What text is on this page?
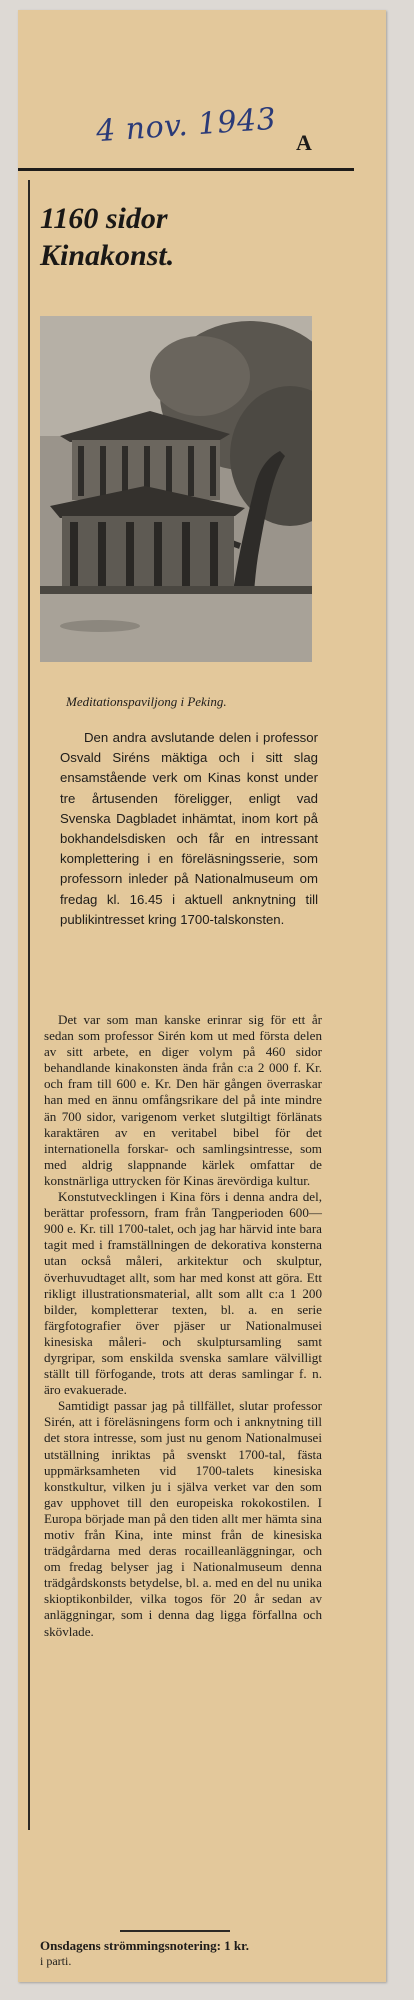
4 nov. 1943 A
1160 sidor
Kinakonst.
Meditationspaviljong i Peking.
Den andra avslutande delen i professor Osvald Siréns mäktiga och i sitt slag ensamstående verk om Kinas konst under tre årtusenden föreligger, enligt vad Svenska Dagbladet inhämtat, inom kort på bokhandelsdisken och får en intressant komplettering i en föreläsningsserie, som professorn inleder på Nationalmuseum om fredag kl. 16.45 i aktuell anknytning till publikintresset kring 1700-talskonsten.

Det var som man kanske erinrar sig för ett år sedan som professor Sirén kom ut med första delen av sitt arbete, en diger volym på 460 sidor behandlande kinakonsten ända från c:a 2 000 f. Kr. och fram till 600 e. Kr. Den här gången överraskar han med en ännu omfångsrikare del på inte mindre än 700 sidor, varigenom verket slutgiltigt förlänats karaktären av en veritabel bibel för det internationella forskar- och samlingsintresse, som med aldrig slappnande kärlek omfattar de konstnärliga uttrycken för Kinas ärevördiga kultur.

Konstutvecklingen i Kina förs i denna andra del, berättar professorn, fram från Tangperioden 600—900 e. Kr. till 1700-talet, och jag har härvid inte bara tagit med i framställningen de dekorativa konsterna utan också måleri, arkitektur och skulptur, överhuvudtaget allt, som har med konst att göra. Ett rikligt illustrationsmaterial, allt som allt c:a 1 200 bilder, kompletterar texten, bl. a. en serie färgfotografier över pjäser ur Nationalmusei kinesiska måleri- och skulptursamling samt dyrgripar, som enskilda svenska samlare välvilligt ställt till förfogande, trots att deras samlingar f. n. äro evakuerade.

Samtidigt passar jag på tillfället, slutar professor Sirén, att i föreläsningens form och i anknytning till det stora intresse, som just nu genom Nationalmusei utställning inriktas på svenskt 1700-tal, fästa uppmärksamheten vid 1700-talets kinesiska konstkultur, vilken ju i själva verket var den som gav upphovet till den europeiska rokokostilen. I Europa började man på den tiden allt mer hämta sina motiv från Kina, inte minst från de kinesiska trädgårdarna med deras rocailleanläggningar, och om fredag belyser jag i Nationalmuseum denna trädgårdskonsts betydelse, bl. a. med en del nu unika skioptikonbilder, vilka togos för 20 år sedan av anläggningar, som i denna dag ligga förfallna och skövlade.

Onsdagens strömmingsnotering: 1 kr.
i parti.
